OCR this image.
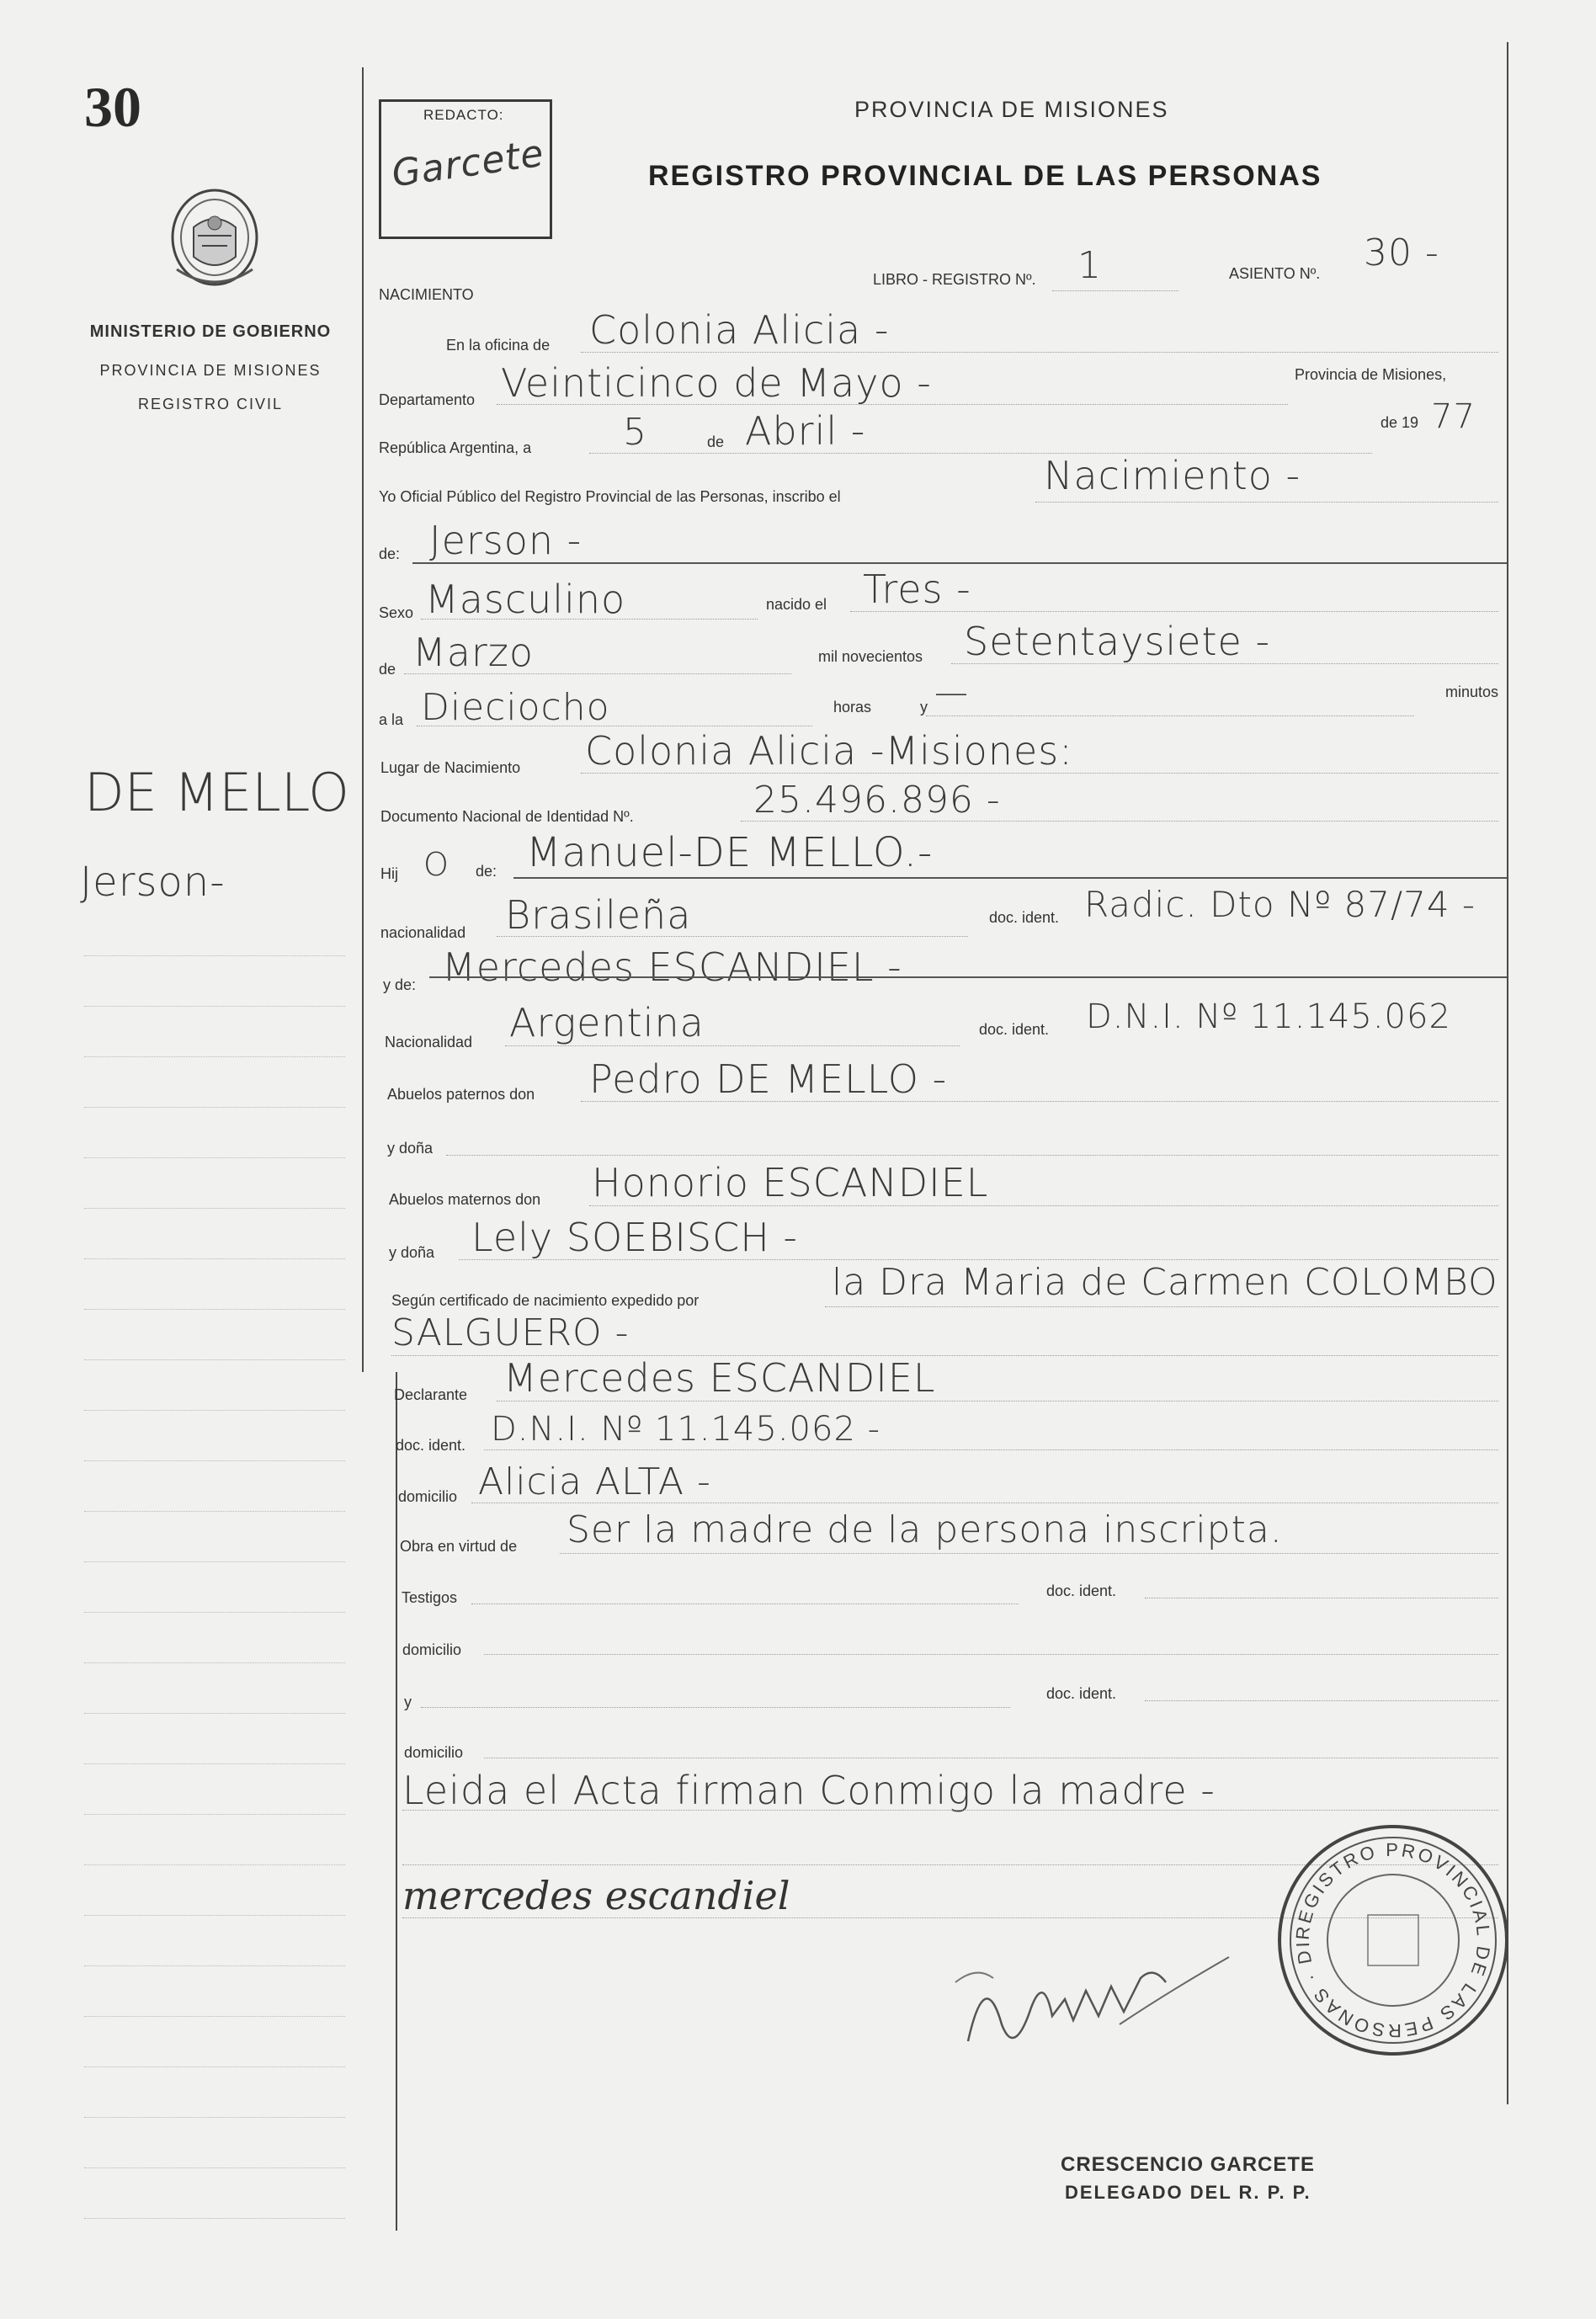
30
MINISTERIO DE GOBIERNO
PROVINCIA DE MISIONES
REGISTRO CIVIL
DE MELLO
Jerson-
REDACTO:
Garcete
PROVINCIA DE MISIONES
REGISTRO PROVINCIAL DE LAS PERSONAS
NACIMIENTO
LIBRO - REGISTRO Nº. 1	ASIENTO Nº. 30 -
En la oficina de Colonia Alicia -
Departamento Veinticinco de Mayo -	Provincia de Misiones,
República Argentina, a 5	de Abril -	de 19 77
Yo Oficial Público del Registro Provincial de las Personas, inscribo el	Nacimiento -
de: Jerson -
Sexo Masculino	nacido el Tres -
de Marzo	mil novecientos Setentaysiete -
a la Dieciocho	horas	y —	minutos
Lugar de Nacimiento Colonia Alicia -Misiones:
Documento Nacional de Identidad Nº.	25.496.896 -
Hij O de: Manuel-DE MELLO.-
nacionalidad Brasileña	doc. ident. Radic. Dto Nº 87/74 -
y de: Mercedes ESCANDIEL -
Nacionalidad Argentina	doc. ident. D.N.I. Nº 11.145.062
Abuelos paternos don Pedro DE MELLO -
y doña
Abuelos maternos don Honorio ESCANDIEL
y doña Lely SOEBISCH -
Según certificado de nacimiento expedido por	la Dra Maria de Carmen COLOMBO
SALGUERO -
Declarante Mercedes ESCANDIEL
doc. ident. D.N.I. Nº 11.145.062 -
domicilio Alicia ALTA -
Obra en virtud de Ser la madre de la persona inscripta.
Testigos	doc. ident.
domicilio
y	doc. ident.
domicilio
Leida el Acta firman Conmigo la madre -
mercedes escandiel
REGISTRO PROVINCIAL DE LAS PERSONAS · DI
CRESCENCIO GARCETE
DELEGADO DEL R. P. P.
